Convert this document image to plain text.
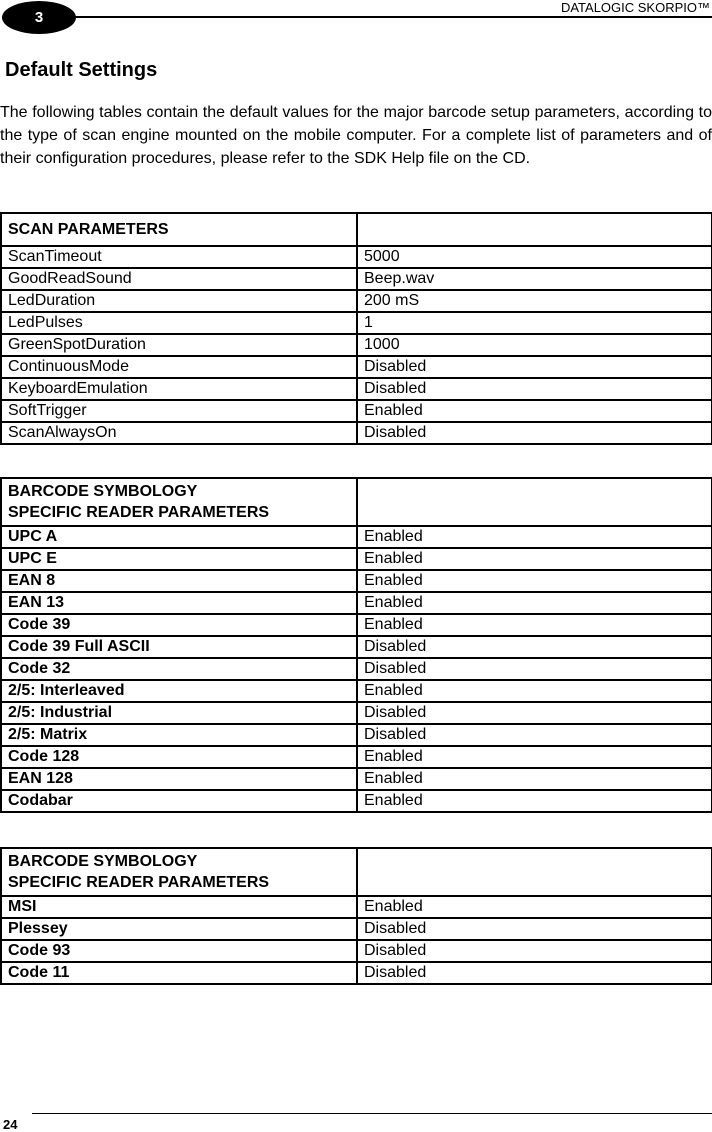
3
DATALOGIC SKORPIO™
Default Settings

The following tables contain the default values for the major barcode setup parameters, according to the type of scan engine mounted on the mobile computer. For a complete list of parameters and of their configuration procedures, please refer to the SDK Help file on the CD.

SCAN PARAMETERS	
ScanTimeout	5000
GoodReadSound	Beep.wav
LedDuration	200 mS
LedPulses	1
GreenSpotDuration	1000
ContinuousMode	Disabled
KeyboardEmulation	Disabled
SoftTrigger	Enabled
ScanAlwaysOn	Disabled
BARCODE SYMBOLOGY
SPECIFIC READER PARAMETERS	
UPC A	Enabled
UPC E	Enabled
EAN 8	Enabled
EAN 13	Enabled
Code 39	Enabled
Code 39 Full ASCII	Disabled
Code 32	Disabled
2/5: Interleaved	Enabled
2/5: Industrial	Disabled
2/5: Matrix	Disabled
Code 128	Enabled
EAN 128	Enabled
Codabar	Enabled
BARCODE SYMBOLOGY
SPECIFIC READER PARAMETERS	
MSI	Enabled
Plessey	Disabled
Code 93	Disabled
Code 11	Disabled
24
